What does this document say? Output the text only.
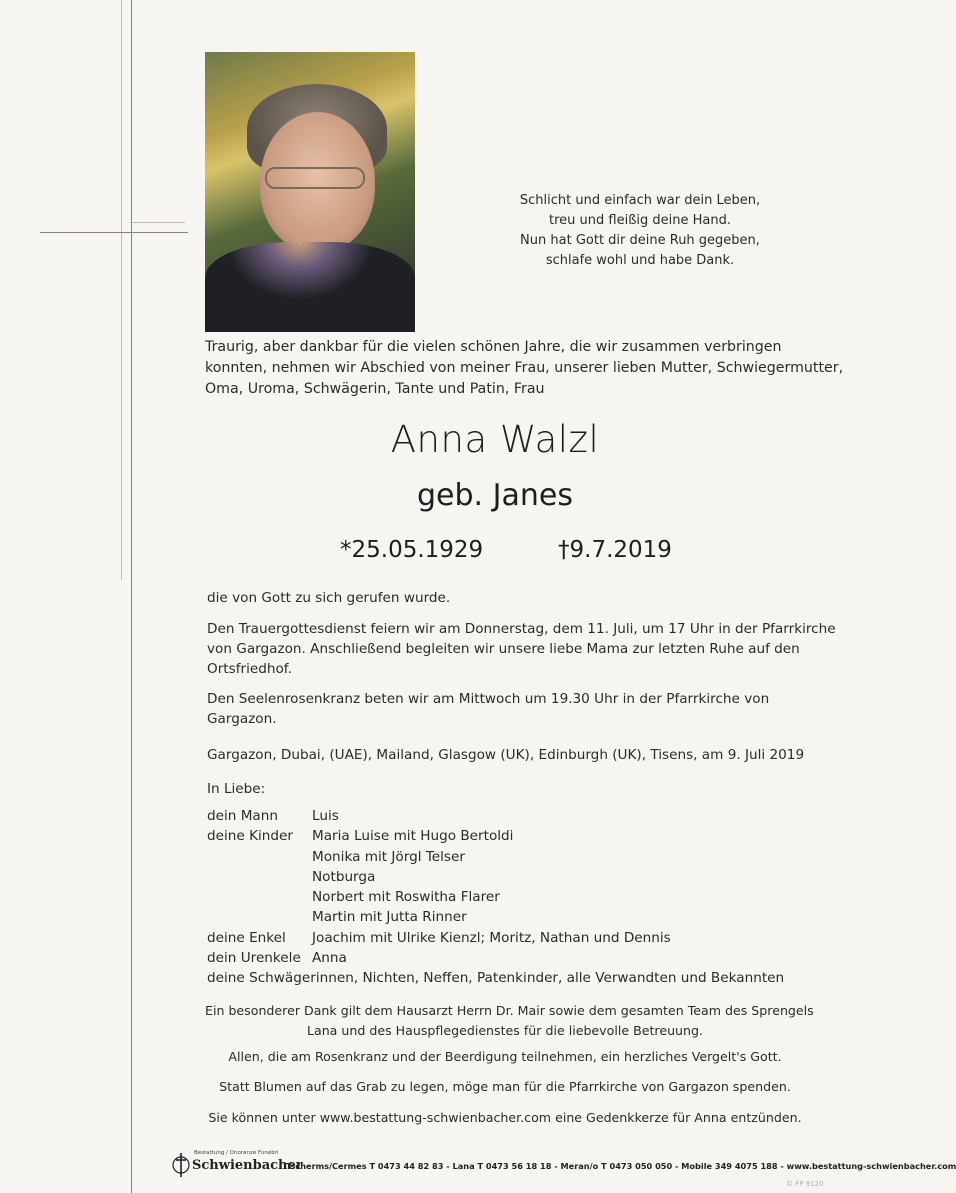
Schlicht und einfach war dein Leben,
treu und fleißig deine Hand.
Nun hat Gott dir deine Ruh gegeben,
schlafe wohl und habe Dank.
Traurig, aber dankbar für die vielen schönen Jahre, die wir zusammen verbringen
konnten, nehmen wir Abschied von meiner Frau, unserer lieben Mutter, Schwiegermutter,
Oma, Uroma, Schwägerin, Tante und Patin, Frau
Anna Walzl
geb. Janes
*25.05.1929	†9.7.2019
die von Gott zu sich gerufen wurde.
Den Trauergottesdienst feiern wir am Donnerstag, dem 11. Juli, um 17 Uhr in der Pfarrkirche
von Gargazon. Anschließend begleiten wir unsere liebe Mama zur letzten Ruhe auf den
Ortsfriedhof.
Den Seelenrosenkranz beten wir am Mittwoch um 19.30 Uhr in der Pfarrkirche von
Gargazon.
Gargazon, Dubai, (UAE), Mailand, Glasgow (UK), Edinburgh (UK), Tisens, am 9. Juli 2019
In Liebe:
dein Mann	Luis
deine Kinder Maria Luise mit Hugo Bertoldi
Monika mit Jörgl Telser
Notburga
Norbert mit Roswitha Flarer
Martin mit Jutta Rinner
deine Enkel Joachim mit Ulrike Kienzl; Moritz, Nathan und Dennis
dein Urenkele Anna
deine Schwägerinnen, Nichten, Neffen, Patenkinder, alle Verwandten und Bekannten
Ein besonderer Dank gilt dem Hausarzt Herrn Dr. Mair sowie dem gesamten Team des Sprengels
Lana und des Hauspflegedienstes für die liebevolle Betreuung.
Allen, die am Rosenkranz und der Beerdigung teilnehmen, ein herzliches Vergelt's Gott.
Statt Blumen auf das Grab zu legen, möge man für die Pfarrkirche von Gargazon spenden.
Sie können unter www.bestattung-schwienbacher.com eine Gedenkkerze für Anna entzünden.
Bestattung / Onoranze Funebri
Schwienbacher
Tscherms/Cermes T 0473 44 82 83 - Lana T 0473 56 18 18 - Meran/o T 0473 050 050 - Mobile 349 4075 188 - www.bestattung-schwienbacher.com
© FP 9120
